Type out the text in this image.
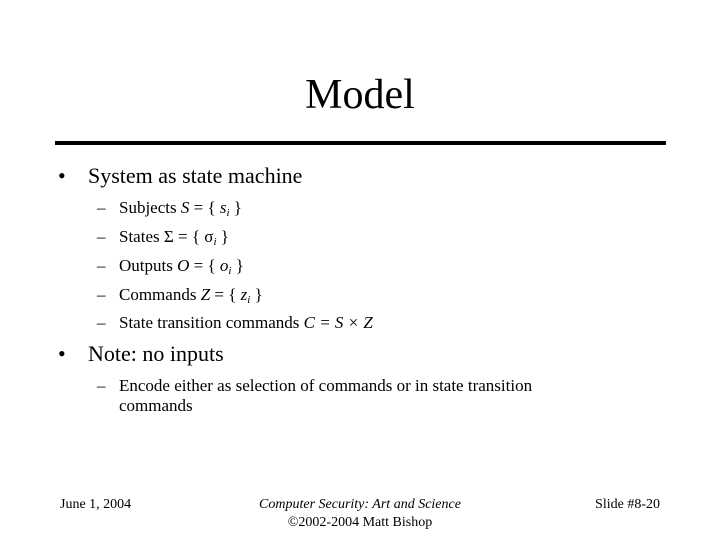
Model
• System as state machine
– Subjects S = { $s_i$ }
– States Σ = { $\sigma_i$ }
– Outputs O = { $o_i$ }
– Commands Z = { $z_i$ }
– State transition commands C = S × Z
• Note: no inputs
– Encode either as selection of commands or in state transition
commands
June 1, 2004	Computer Security: Art and Science
©2002-2004 Matt Bishop
Slide #8-20
